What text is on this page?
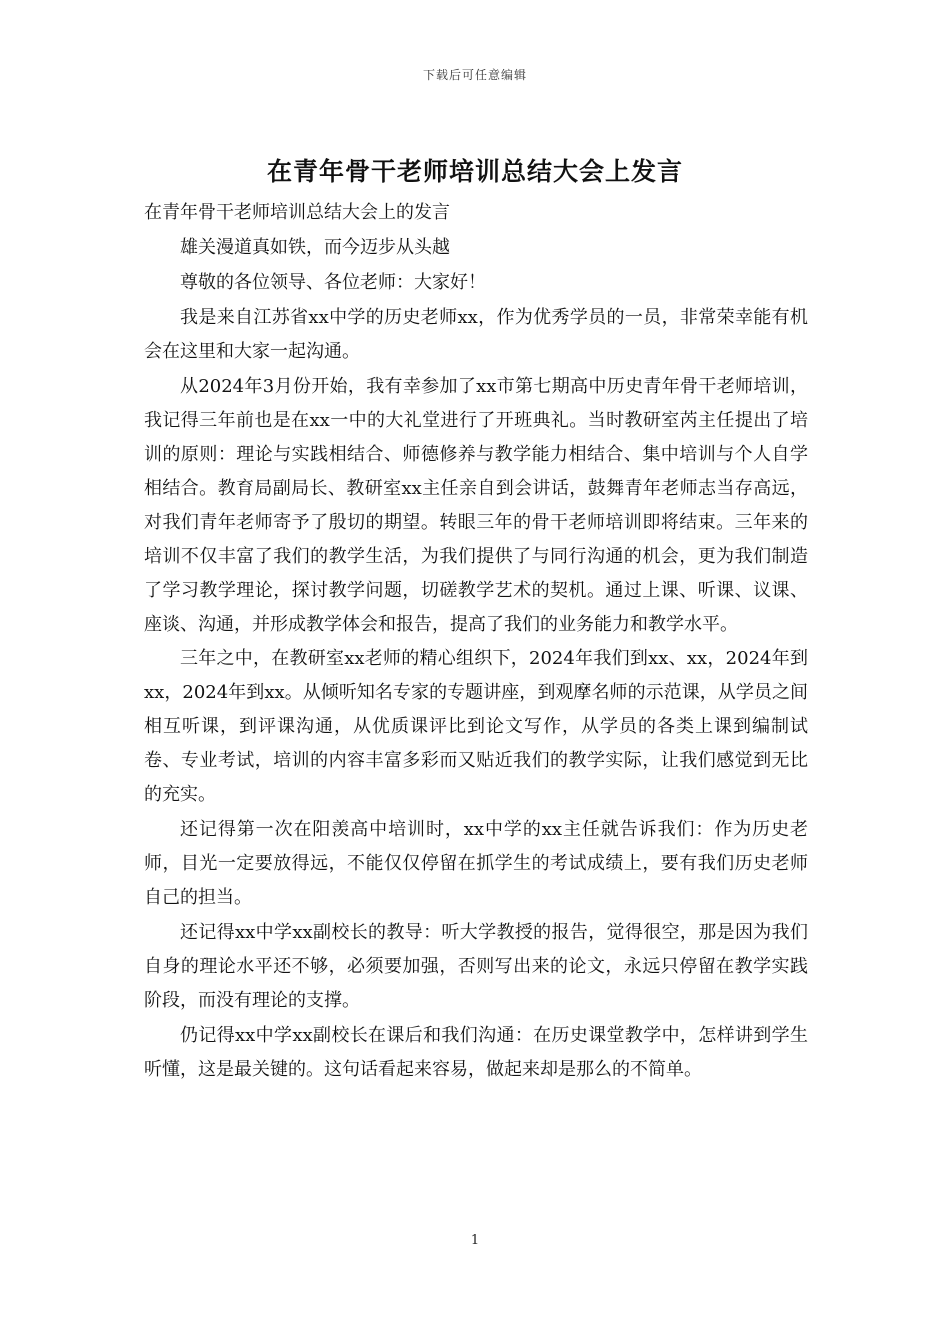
下载后可任意编辑
在青年骨干老师培训总结大会上发言

在青年骨干老师培训总结大会上的发言

雄关漫道真如铁，而今迈步从头越

尊敬的各位领导、各位老师：大家好！

我是来自江苏省xx中学的历史老师xx，作为优秀学员的一员，非常荣幸能有机会在这里和大家一起沟通。

从2024年3月份开始，我有幸参加了xx市第七期高中历史青年骨干老师培训，我记得三年前也是在xx一中的大礼堂进行了开班典礼。当时教研室芮主任提出了培训的原则：理论与实践相结合、师德修养与教学能力相结合、集中培训与个人自学相结合。教育局副局长、教研室xx主任亲自到会讲话，鼓舞青年老师志当存高远，对我们青年老师寄予了殷切的期望。转眼三年的骨干老师培训即将结束。三年来的培训不仅丰富了我们的教学生活，为我们提供了与同行沟通的机会，更为我们制造了学习教学理论，探讨教学问题，切磋教学艺术的契机。通过上课、听课、议课、座谈、沟通，并形成教学体会和报告，提高了我们的业务能力和教学水平。

三年之中，在教研室xx老师的精心组织下，2024年我们到xx、xx，2024年到xx，2024年到xx。从倾听知名专家的专题讲座，到观摩名师的示范课，从学员之间相互听课，到评课沟通，从优质课评比到论文写作，从学员的各类上课到编制试卷、专业考试，培训的内容丰富多彩而又贴近我们的教学实际，让我们感觉到无比的充实。

还记得第一次在阳羡高中培训时，xx中学的xx主任就告诉我们：作为历史老师，目光一定要放得远，不能仅仅停留在抓学生的考试成绩上，要有我们历史老师自己的担当。

还记得xx中学xx副校长的教导：听大学教授的报告，觉得很空，那是因为我们自身的理论水平还不够，必须要加强，否则写出来的论文，永远只停留在教学实践阶段，而没有理论的支撑。

仍记得xx中学xx副校长在课后和我们沟通：在历史课堂教学中，怎样讲到学生听懂，这是最关键的。这句话看起来容易，做起来却是那么的不简单。

1
